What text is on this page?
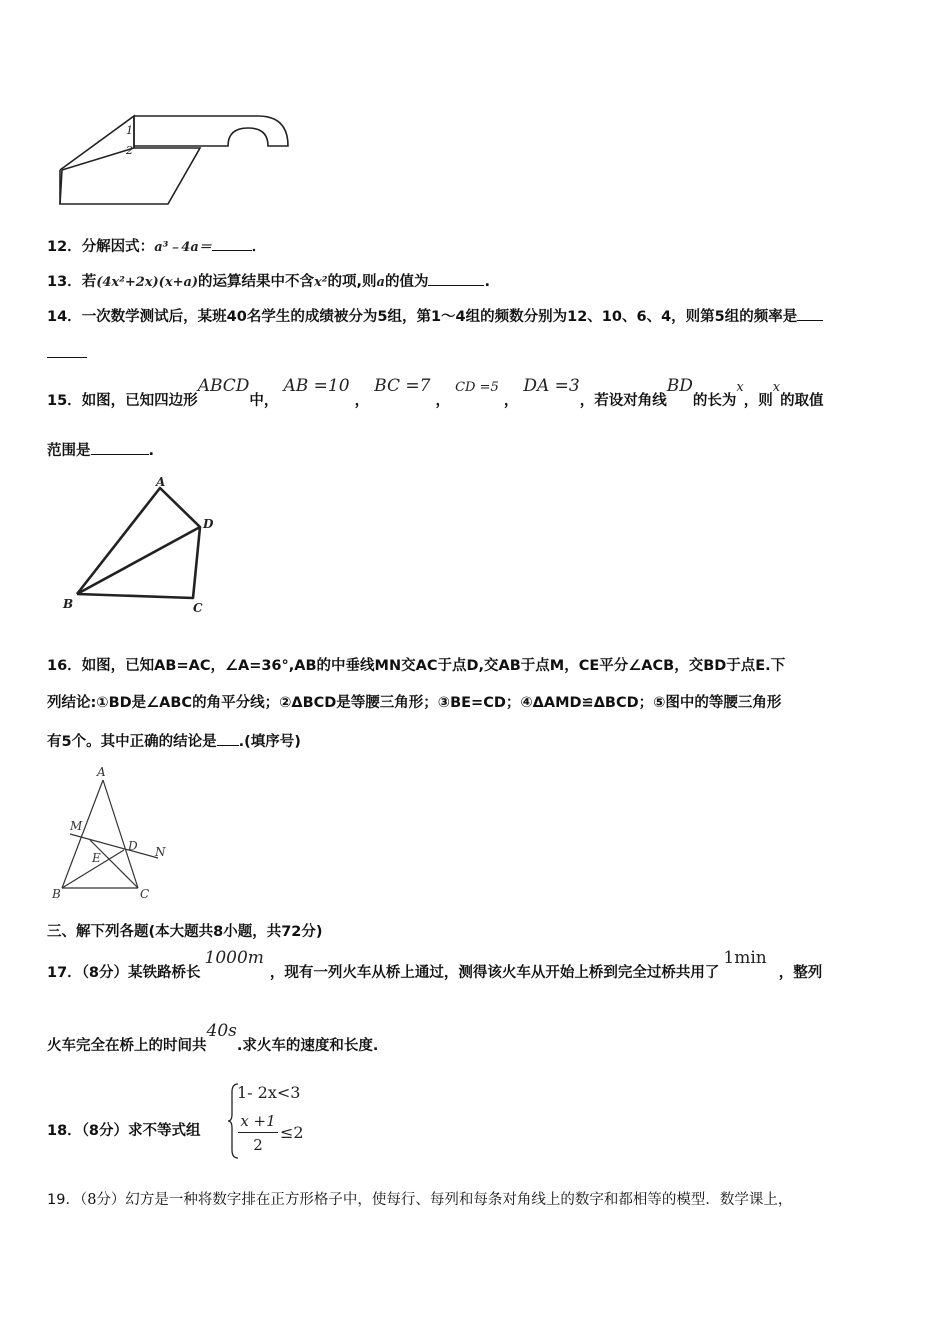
1
2
12．分解因式：a³﹣4a＝	．
13．若(4x²+2x)(x+a)的运算结果中不含x²的项,则a的值为	.
14．一次数学测试后，某班40名学生的成绩被分为5组，第1～4组的频数分别为12、10、6、4，则第5组的频率是
15．如图，已知四边形ABCD中， AB =10 ， BC =7 ， CD =5 ， DA =3，若设对角线BD的长为x，则x的取值
范围是	.
A
D
B	C
16．如图，已知AB=AC，∠A=36°,AB的中垂线MN交AC于点D,交AB于点M，CE平分∠ACB，交BD于点E.下
列结论:①BD是∠ABC的角平分线；②ΔBCD是等腰三角形；③BE=CD；④ΔAMD≌ΔBCD；⑤图中的等腰三角形
有5个。其中正确的结论是 .(填序号)
A
M
D N
E
B	C
三、解下列各题(本大题共8小题，共72分)
17．（8分）某铁路桥长1000m，现有一列火车从桥上通过，测得该火车从开始上桥到完全过桥共用了1min，整列
火车完全在桥上的时间共40s.求火车的速度和长度.
18．（8分）求不等式组
1- 2x<3
x +1
2
≤2
19．（8分）幻方是一种将数字排在正方形格子中，使每行、每列和每条对角线上的数字和都相等的模型．数学课上，
